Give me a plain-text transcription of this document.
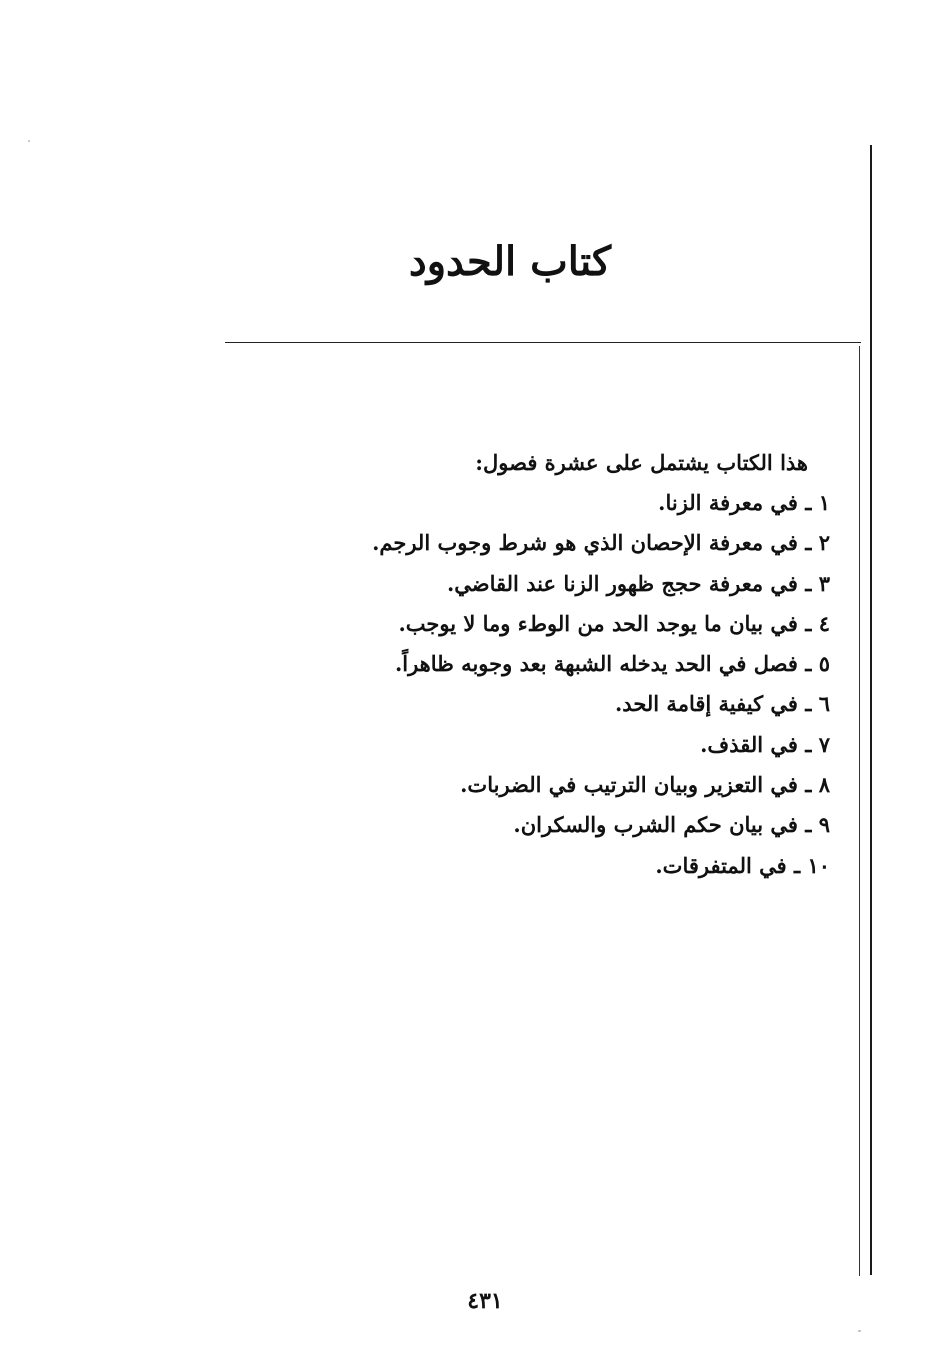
كتاب الحدود

هذا الكتاب يشتمل على عشرة فصول:

١ ـ في معرفة الزنا.
٢ ـ في معرفة الإحصان الذي هو شرط وجوب الرجم.
٣ ـ في معرفة حجج ظهور الزنا عند القاضي.
٤ ـ في بيان ما يوجد الحد من الوطء وما لا يوجب.
٥ ـ فصل في الحد يدخله الشبهة بعد وجوبه ظاهراً.
٦ ـ في كيفية إقامة الحد.
٧ ـ في القذف.
٨ ـ في التعزير وبيان الترتيب في الضربات.
٩ ـ في بيان حكم الشرب والسكران.
١٠ ـ في المتفرقات.
٤٣١
